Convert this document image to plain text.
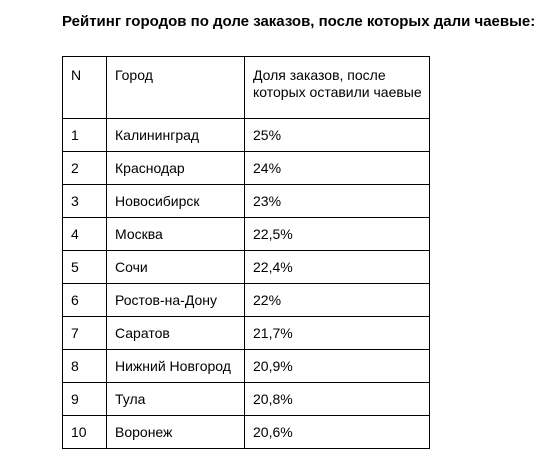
Рейтинг городов по доле заказов, после которых дали чаевые:
N	Город	Доля заказов, после которых оставили чаевые
1	Калининград	25%
2	Краснодар	24%
3	Новосибирск	23%
4	Москва	22,5%
5	Сочи	22,4%
6	Ростов-на-Дону	22%
7	Саратов	21,7%
8	Нижний Новгород	20,9%
9	Тула	20,8%
10	Воронеж	20,6%
